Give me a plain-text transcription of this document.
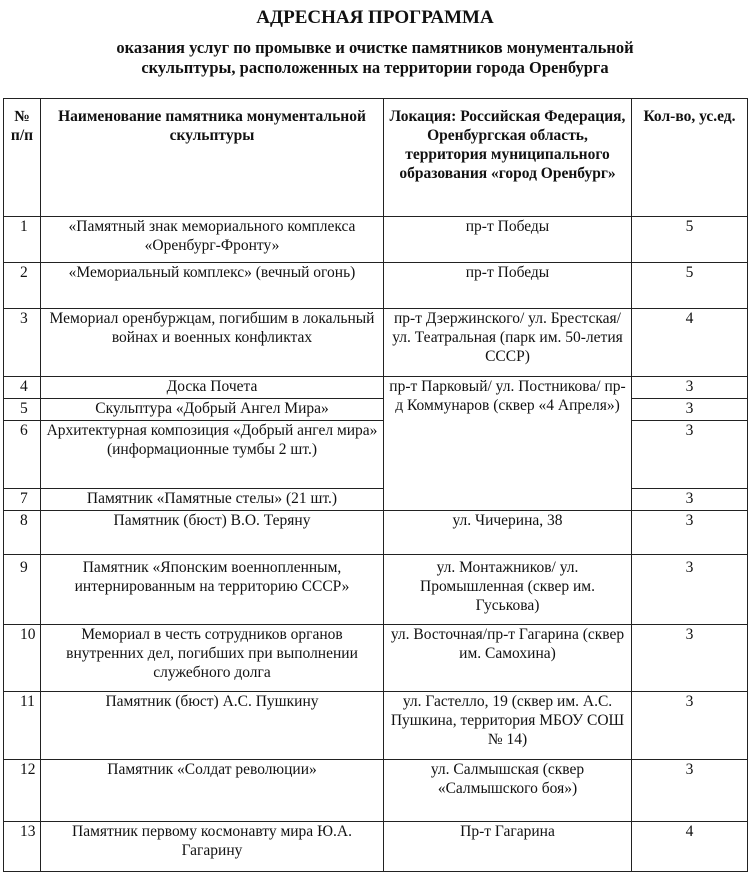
АДРЕСНАЯ ПРОГРАММА
оказания услуг по промывке и очистке памятников монументальной
скульптуры, расположенных на территории города Оренбурга
№ п/п	Наименование памятника монументальной скульптуры	Локация: Российская Федерация, Оренбургская область, территория муниципального образования «город Оренбург»	Кол-во, ус.ед.
1	«Памятный знак мемориального комплекса «Оренбург-Фронту»	пр-т Победы	5
2	«Мемориальный комплекс» (вечный огонь)	пр-т Победы	5
3	Мемориал оренбуржцам, погибшим в локальный войнах и военных конфликтах	пр-т Дзержинского/ ул. Брестская/ул. Театральная (парк им. 50-летия СССР)	4
4	Доска Почета	пр-т Парковый/ ул. Постникова/ пр-д Коммунаров (сквер «4 Апреля»)	3
5	Скульптура «Добрый Ангел Мира»		3
6	Архитектурная композиция «Добрый ангел мира» (информационные тумбы 2 шт.)		3
7	Памятник «Памятные стелы» (21 шт.)		3
8	Памятник (бюст) В.О. Теряну	ул. Чичерина, 38	3
9	Памятник «Японским военнопленным, интернированным на территорию СССР»	ул. Монтажников/ ул. Промышленная (сквер им. Гуськова)	3
10	Мемориал в честь сотрудников органов внутренних дел, погибших при выполнении служебного долга	ул. Восточная/пр-т Гагарина (сквер им. Самохина)	3
11	Памятник (бюст) А.С. Пушкину	ул. Гастелло, 19 (сквер им. А.С. Пушкина, территория МБОУ СОШ № 14)	3
12	Памятник «Солдат революции»	ул. Салмышская (сквер «Салмышского боя»)	3
13	Памятник первому космонавту мира Ю.А. Гагарину	Пр-т Гагарина	4
